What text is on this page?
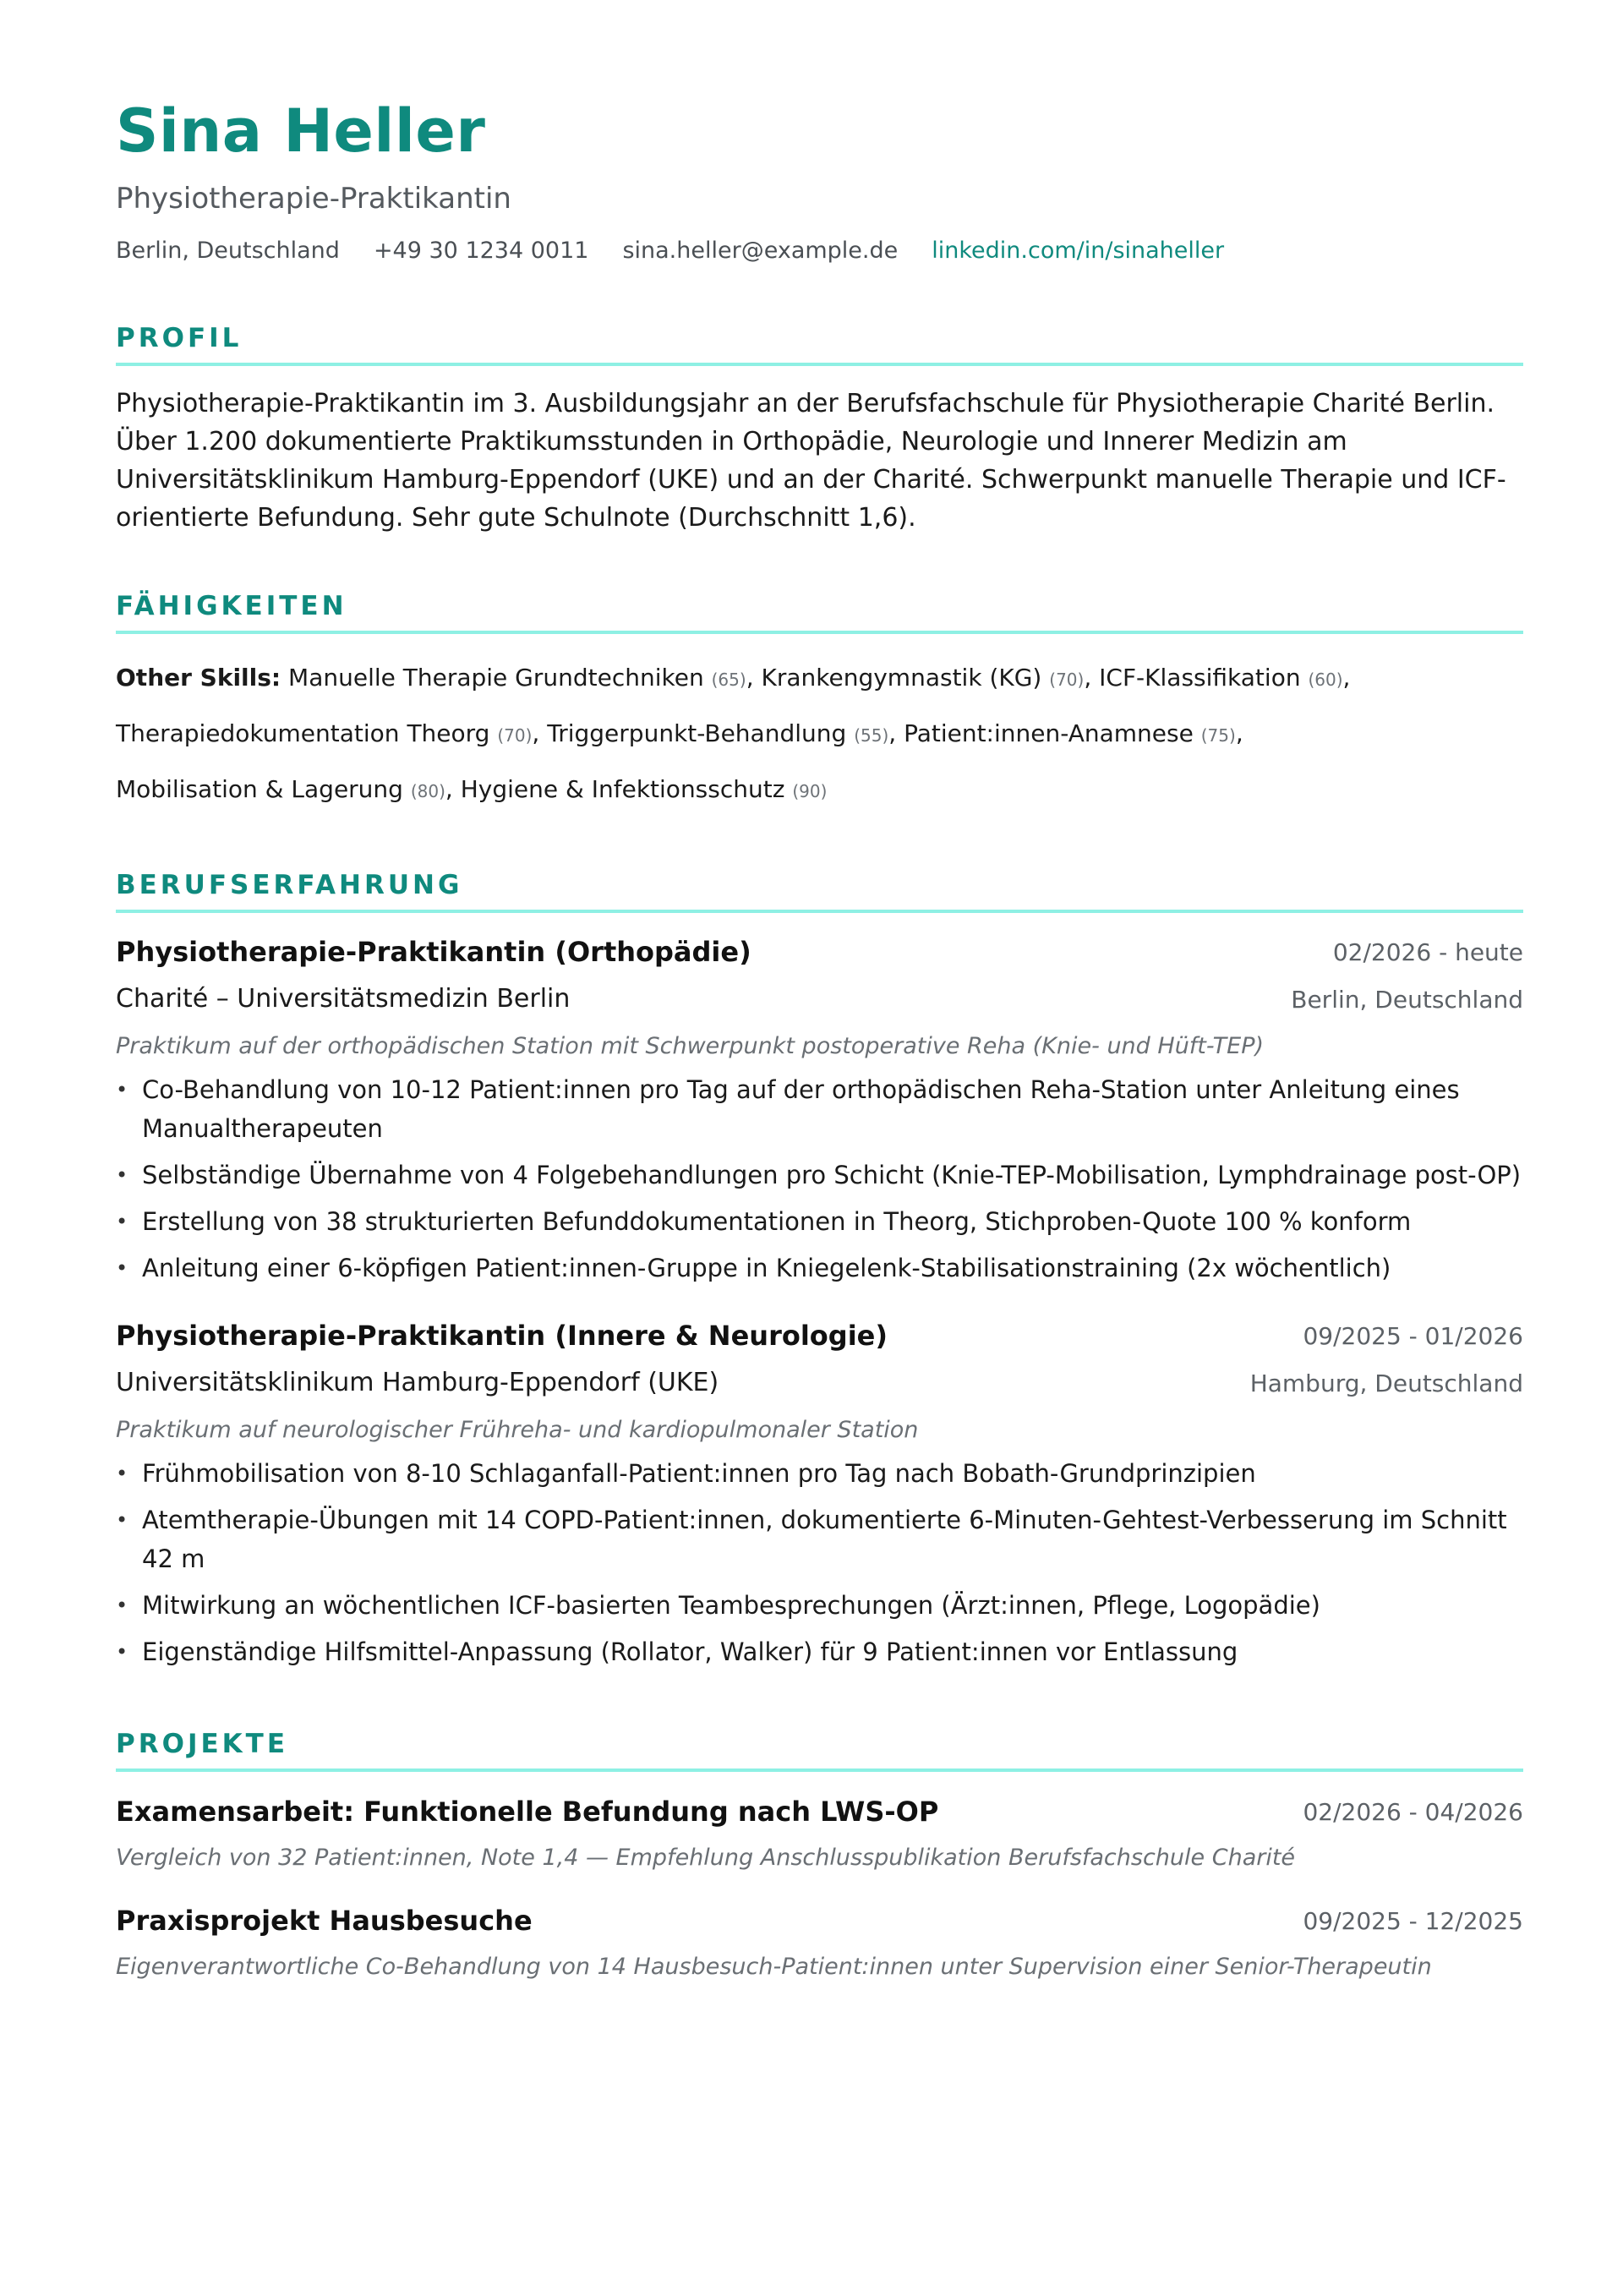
Sina Heller
Physiotherapie-Praktikantin
Berlin, Deutschland +49 30 1234 0011 sina.heller@example.de linkedin.com/in/sinaheller
PROFIL
Physiotherapie-Praktikantin im 3. Ausbildungsjahr an der Berufsfachschule für Physiotherapie Charité Berlin. Über 1.200 dokumentierte Praktikumsstunden in Orthopädie, Neurologie und Innerer Medizin am Universitätsklinikum Hamburg-Eppendorf (UKE) und an der Charité. Schwerpunkt manuelle Therapie und ICF-orientierte Befundung. Sehr gute Schulnote (Durchschnitt 1,6).
FÄHIGKEITEN
Other Skills: Manuelle Therapie Grundtechniken (65), Krankengymnastik (KG) (70), ICF-Klassifikation (60),
Therapiedokumentation Theorg (70), Triggerpunkt-Behandlung (55), Patient:innen-Anamnese (75),
Mobilisation & Lagerung (80), Hygiene & Infektionsschutz (90)
BERUFSERFAHRUNG
Physiotherapie-Praktikantin (Orthopädie)	02/2026 - heute
Charité – Universitätsmedizin Berlin	Berlin, Deutschland
Praktikum auf der orthopädischen Station mit Schwerpunkt postoperative Reha (Knie- und Hüft-TEP)
• Co-Behandlung von 10-12 Patient:innen pro Tag auf der orthopädischen Reha-Station unter Anleitung eines Manualtherapeuten
• Selbständige Übernahme von 4 Folgebehandlungen pro Schicht (Knie-TEP-Mobilisation, Lymphdrainage post-OP)
• Erstellung von 38 strukturierten Befunddokumentationen in Theorg, Stichproben-Quote 100 % konform
• Anleitung einer 6-köpfigen Patient:innen-Gruppe in Kniegelenk-Stabilisationstraining (2x wöchentlich)
Physiotherapie-Praktikantin (Innere & Neurologie)	09/2025 - 01/2026
Universitätsklinikum Hamburg-Eppendorf (UKE)	Hamburg, Deutschland
Praktikum auf neurologischer Frühreha- und kardiopulmonaler Station
• Frühmobilisation von 8-10 Schlaganfall-Patient:innen pro Tag nach Bobath-Grundprinzipien
• Atemtherapie-Übungen mit 14 COPD-Patient:innen, dokumentierte 6-Minuten-Gehtest-Verbesserung im Schnitt 42 m
• Mitwirkung an wöchentlichen ICF-basierten Teambesprechungen (Ärzt:innen, Pflege, Logopädie)
• Eigenständige Hilfsmittel-Anpassung (Rollator, Walker) für 9 Patient:innen vor Entlassung
PROJEKTE
Examensarbeit: Funktionelle Befundung nach LWS-OP	02/2026 - 04/2026
Vergleich von 32 Patient:innen, Note 1,4 — Empfehlung Anschlusspublikation Berufsfachschule Charité
Praxisprojekt Hausbesuche	09/2025 - 12/2025
Eigenverantwortliche Co-Behandlung von 14 Hausbesuch-Patient:innen unter Supervision einer Senior-Therapeutin
